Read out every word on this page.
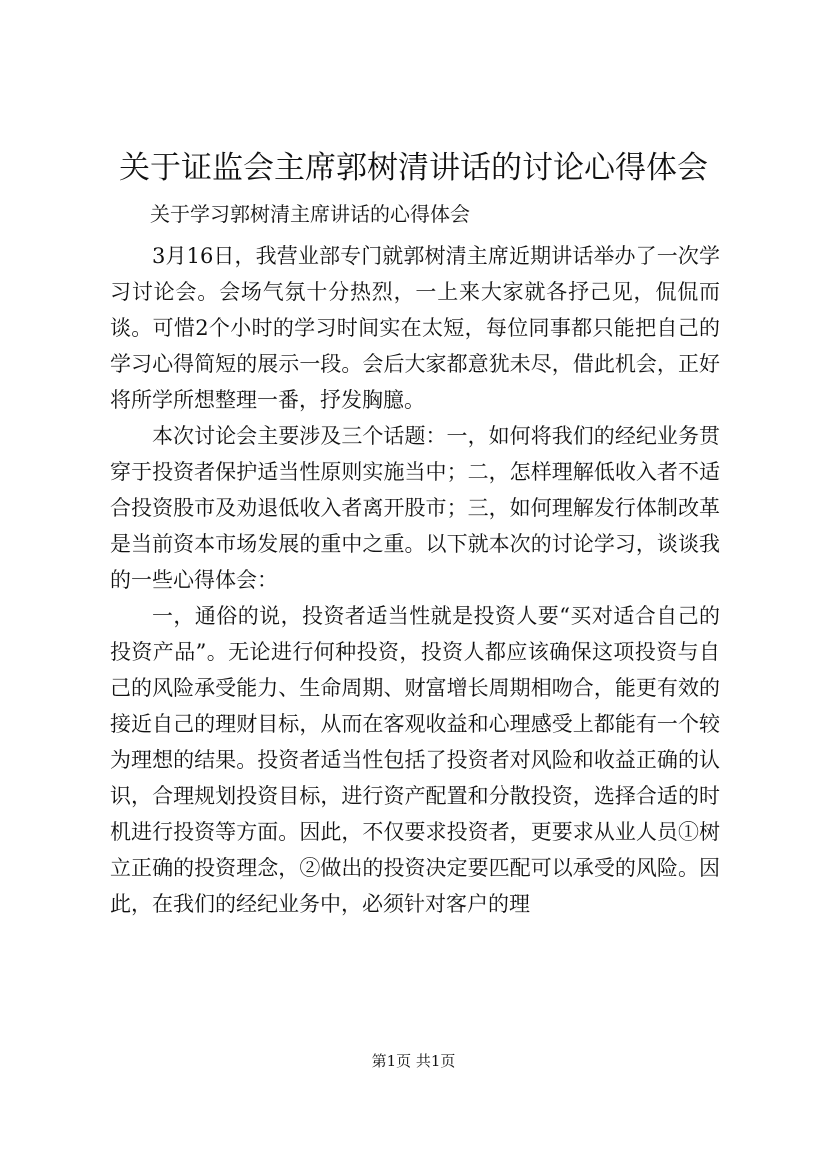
关于证监会主席郭树清讲话的讨论心得体会
关于学习郭树清主席讲话的心得体会

3月16日，我营业部专门就郭树清主席近期讲话举办了一次学习讨论会。会场气氛十分热烈，一上来大家就各抒己见，侃侃而谈。可惜2个小时的学习时间实在太短，每位同事都只能把自己的学习心得简短的展示一段。会后大家都意犹未尽，借此机会，正好将所学所想整理一番，抒发胸臆。

本次讨论会主要涉及三个话题：一，如何将我们的经纪业务贯穿于投资者保护适当性原则实施当中；二，怎样理解低收入者不适合投资股市及劝退低收入者离开股市；三，如何理解发行体制改革是当前资本市场发展的重中之重。以下就本次的讨论学习，谈谈我的一些心得体会：

一，通俗的说，投资者适当性就是投资人要“买对适合自己的投资产品”。无论进行何种投资，投资人都应该确保这项投资与自己的风险承受能力、生命周期、财富增长周期相吻合，能更有效的接近自己的理财目标，从而在客观收益和心理感受上都能有一个较为理想的结果。投资者适当性包括了投资者对风险和收益正确的认识，合理规划投资目标，进行资产配置和分散投资，选择合适的时机进行投资等方面。因此，不仅要求投资者，更要求从业人员①树立正确的投资理念，②做出的投资决定要匹配可以承受的风险。因此，在我们的经纪业务中，必须针对客户的理

第1页 共1页
